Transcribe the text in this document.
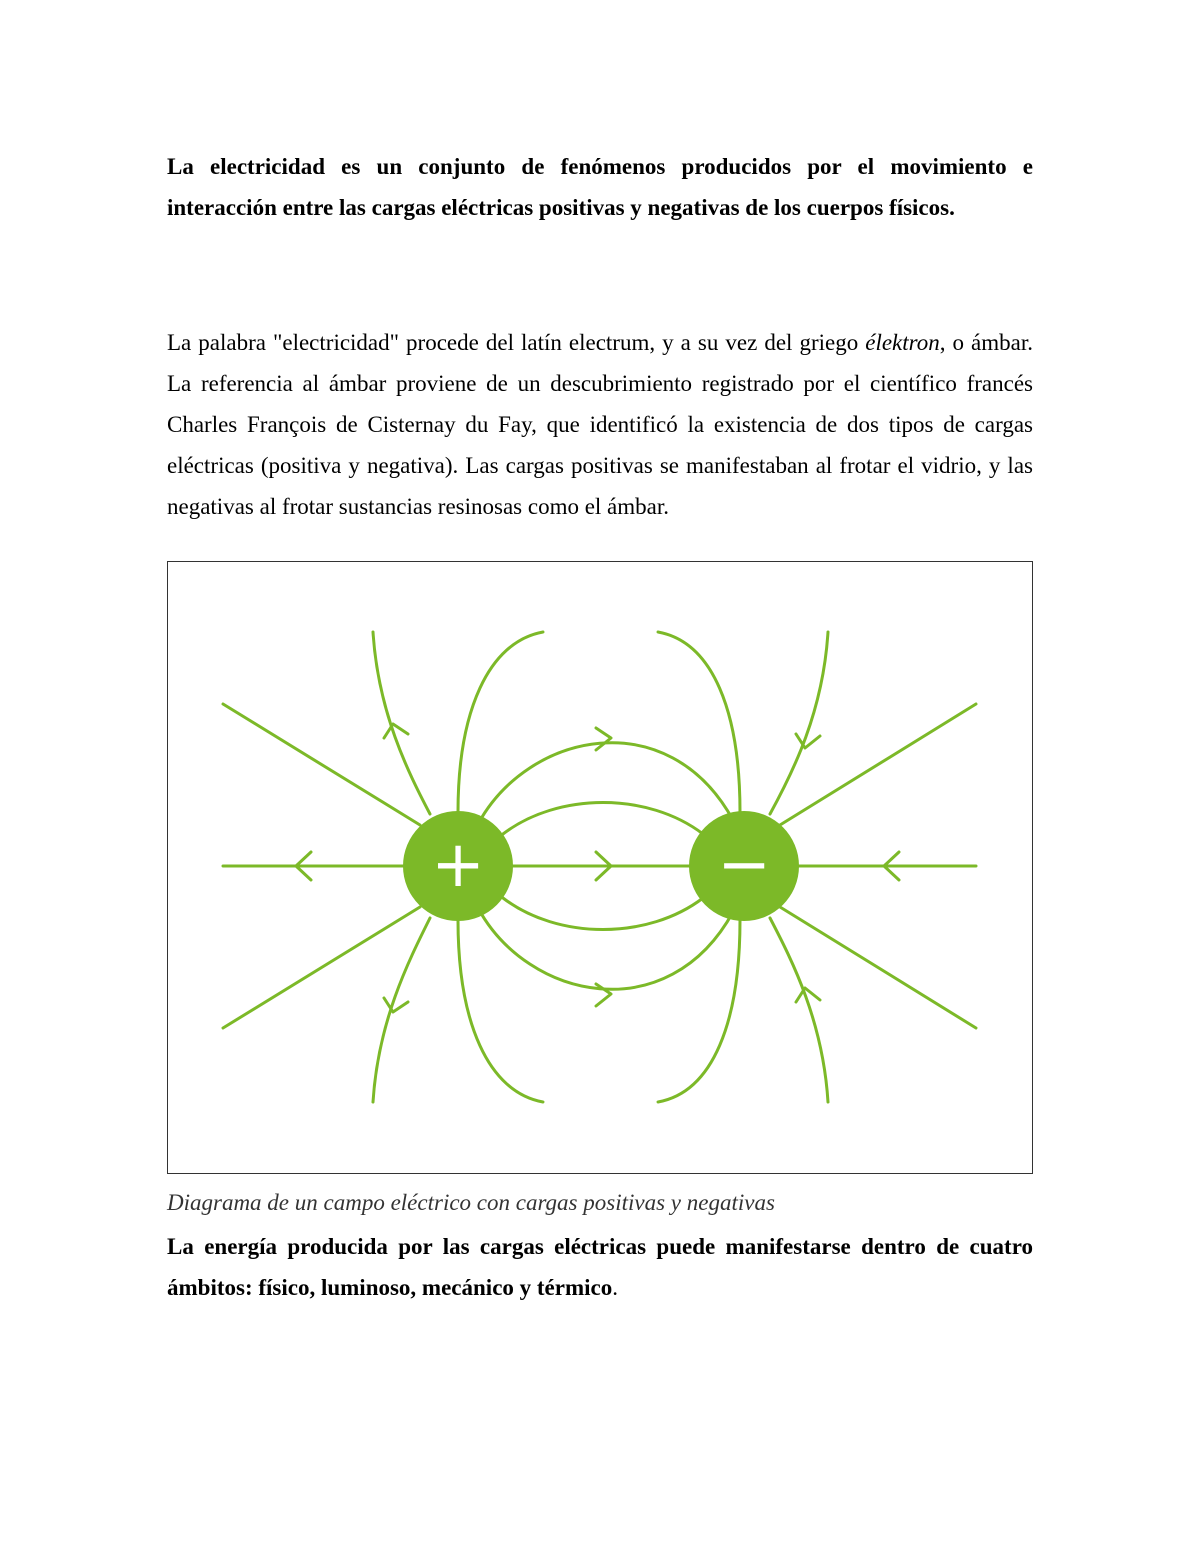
La electricidad es un conjunto de fenómenos producidos por el movimiento e interacción entre las cargas eléctricas positivas y negativas de los cuerpos físicos.

La palabra "electricidad" procede del latín electrum, y a su vez del griego élektron, o ámbar. La referencia al ámbar proviene de un descubrimiento registrado por el científico francés Charles François de Cisternay du Fay, que identificó la existencia de dos tipos de cargas eléctricas (positiva y negativa). Las cargas positivas se manifestaban al frotar el vidrio, y las negativas al frotar sustancias resinosas como el ámbar.

+	−

Diagrama de un campo eléctrico con cargas positivas y negativas

La energía producida por las cargas eléctricas puede manifestarse dentro de cuatro ámbitos: físico, luminoso, mecánico y térmico.
